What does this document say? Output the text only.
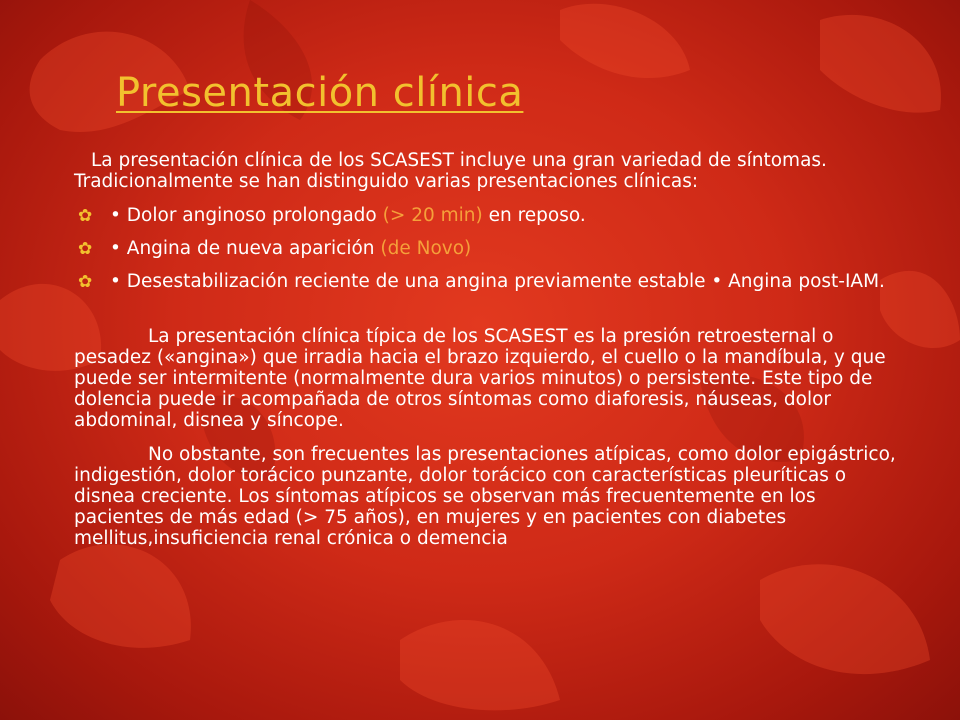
Presentación clínica

La presentación clínica de los SCASEST incluye una gran variedad de síntomas. Tradicionalmente se han distinguido varias presentaciones clínicas:

✿ • Dolor anginoso prolongado (> 20 min) en reposo.
✿ • Angina de nueva aparición (de Novo)
✿ • Desestabilización reciente de una angina previamente estable • Angina post-IAM.

La presentación clínica típica de los SCASEST es la presión retroesternal o pesadez («angina») que irradia hacia el brazo izquierdo, el cuello o la mandíbula, y que puede ser intermitente (normalmente dura varios minutos) o persistente. Este tipo de dolencia puede ir acompañada de otros síntomas como diaforesis, náuseas, dolor abdominal, disnea y síncope.

No obstante, son frecuentes las presentaciones atípicas, como dolor epigástrico, indigestión, dolor torácico punzante, dolor torácico con características pleuríticas o disnea creciente. Los síntomas atípicos se observan más frecuentemente en los pacientes de más edad (> 75 años), en mujeres y en pacientes con diabetes mellitus,insuficiencia renal crónica o demencia
